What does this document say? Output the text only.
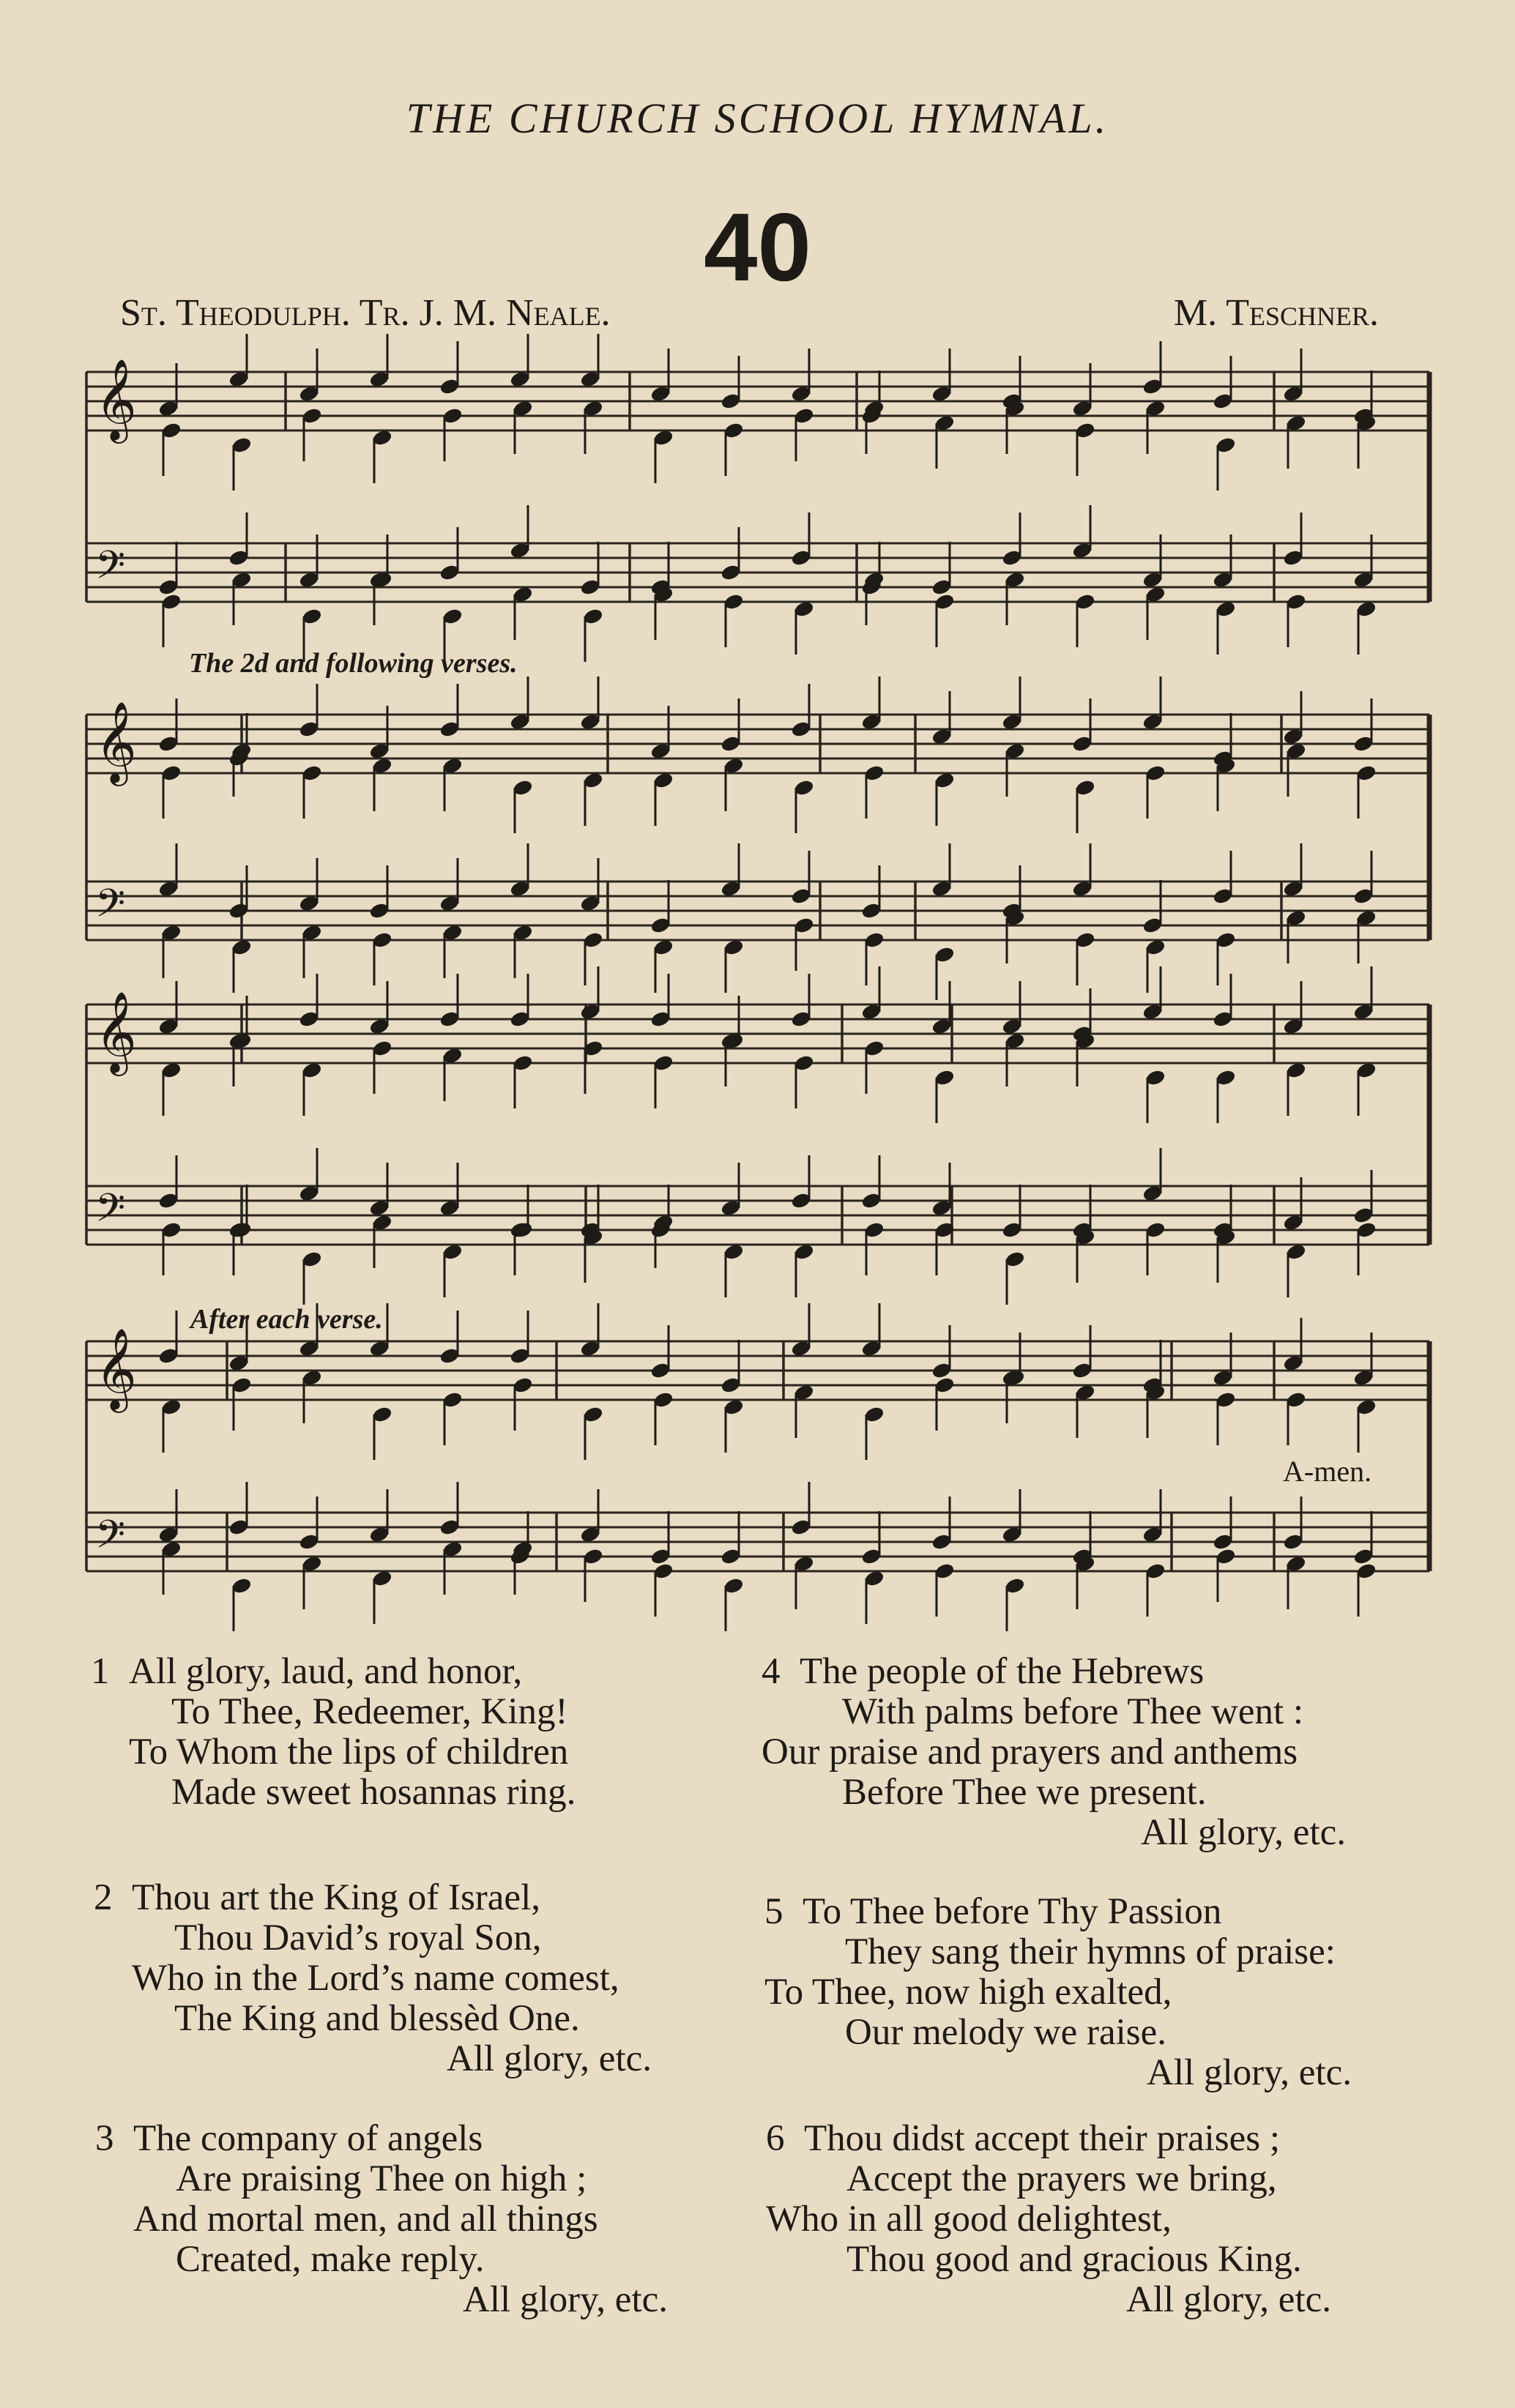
THE CHURCH SCHOOL HYMNAL.
40
St. Theodulph. Tr. J. M. Neale.	M. Teschner.
𝄞
𝄢
𝄞
𝄢
𝄞
𝄢
𝄞
𝄢
The 2d and following verses.
After each verse.
A-men.
1 All glory, laud, and honor,
To Thee, Redeemer, King!
To Whom the lips of children
Made sweet hosannas ring.
2 Thou art the King of Israel,
Thou David’s royal Son,
Who in the Lord’s name comest,
The King and blessèd One.
All glory, etc.
3 The company of angels
Are praising Thee on high ;
And mortal men, and all things
Created, make reply.
All glory, etc.
4 The people of the Hebrews
With palms before Thee went :
Our praise and prayers and anthems
Before Thee we present.
All glory, etc.
5 To Thee before Thy Passion
They sang their hymns of praise:
To Thee, now high exalted,
Our melody we raise.
All glory, etc.
6 Thou didst accept their praises ;
Accept the prayers we bring,
Who in all good delightest,
Thou good and gracious King.
All glory, etc.
